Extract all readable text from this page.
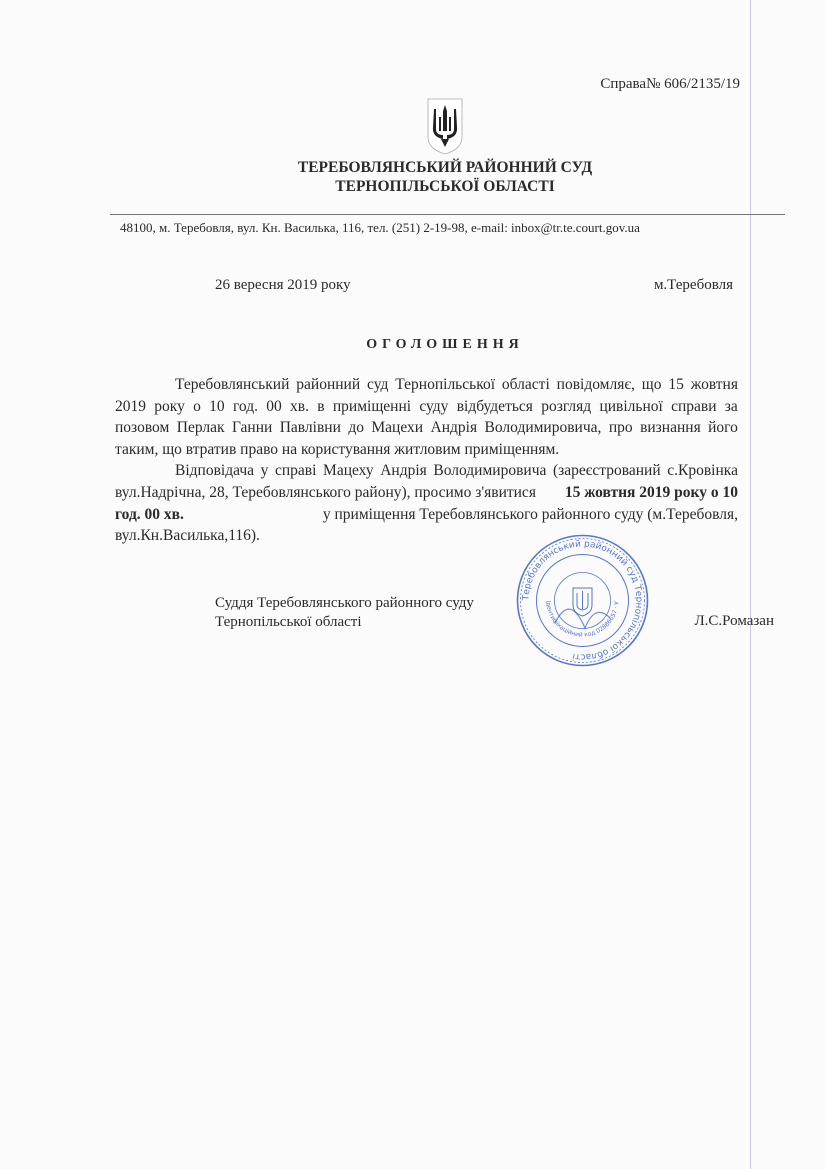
Справа№ 606/2135/19
ТЕРЕБОВЛЯНСЬКИЙ РАЙОННИЙ СУД
ТЕРНОПІЛЬСЬКОЇ ОБЛАСТІ
48100, м. Теребовля, вул. Кн. Василька, 116, тел. (251) 2-19-98, e-mail: inbox@tr.te.court.gov.ua
26 вересня 2019 року	м.Теребовля
ОГОЛОШЕННЯ
Теребовлянський районний суд Тернопільської області повідомляє, що 15 жовтня
2019 року о 10 год. 00 хв. в приміщенні суду відбудеться розгляд цивільної справи за
позовом Перлак Ганни Павлівни до Мацехи Андрія Володимировича, про визнання його
таким, що втратив право на користування житловим приміщенням.
Відповідача у справі Мацеху Андрія Володимировича (зареєстрований с.Кровінка
вул.Надрічна, 28, Теребовлянського району), просимо з'явитися 15 жовтня 2019 року о 10
год. 00 хв.	у приміщення Теребовлянського районного суду (м.Теребовля,
вул.Кн.Василька,116).
Суддя Теребовлянського районного суду
Тернопільської області
Теребовлянський районний суд Тернопільської області
Ідентифікаційний код 02886657 · У
Л.С.Ромазан
